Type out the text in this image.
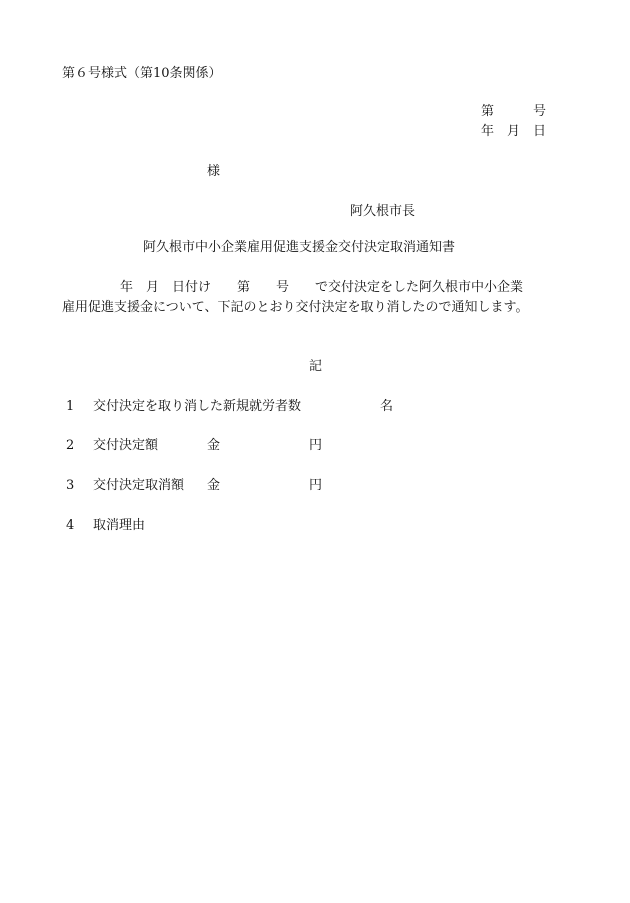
第６号様式（第10条関係）
第　　　号
年　月　日
様
阿久根市長
阿久根市中小企業雇用促進支援金交付決定取消通知書
年　月　日付け　　第　　号　　で交付決定をした阿久根市中小企業
雇用促進支援金について、下記のとおり交付決定を取り消したので通知します。
記
1 交付決定を取り消した新規就労者数	名
2 交付決定額	金	円
3 交付決定取消額 金	円
4 取消理由
